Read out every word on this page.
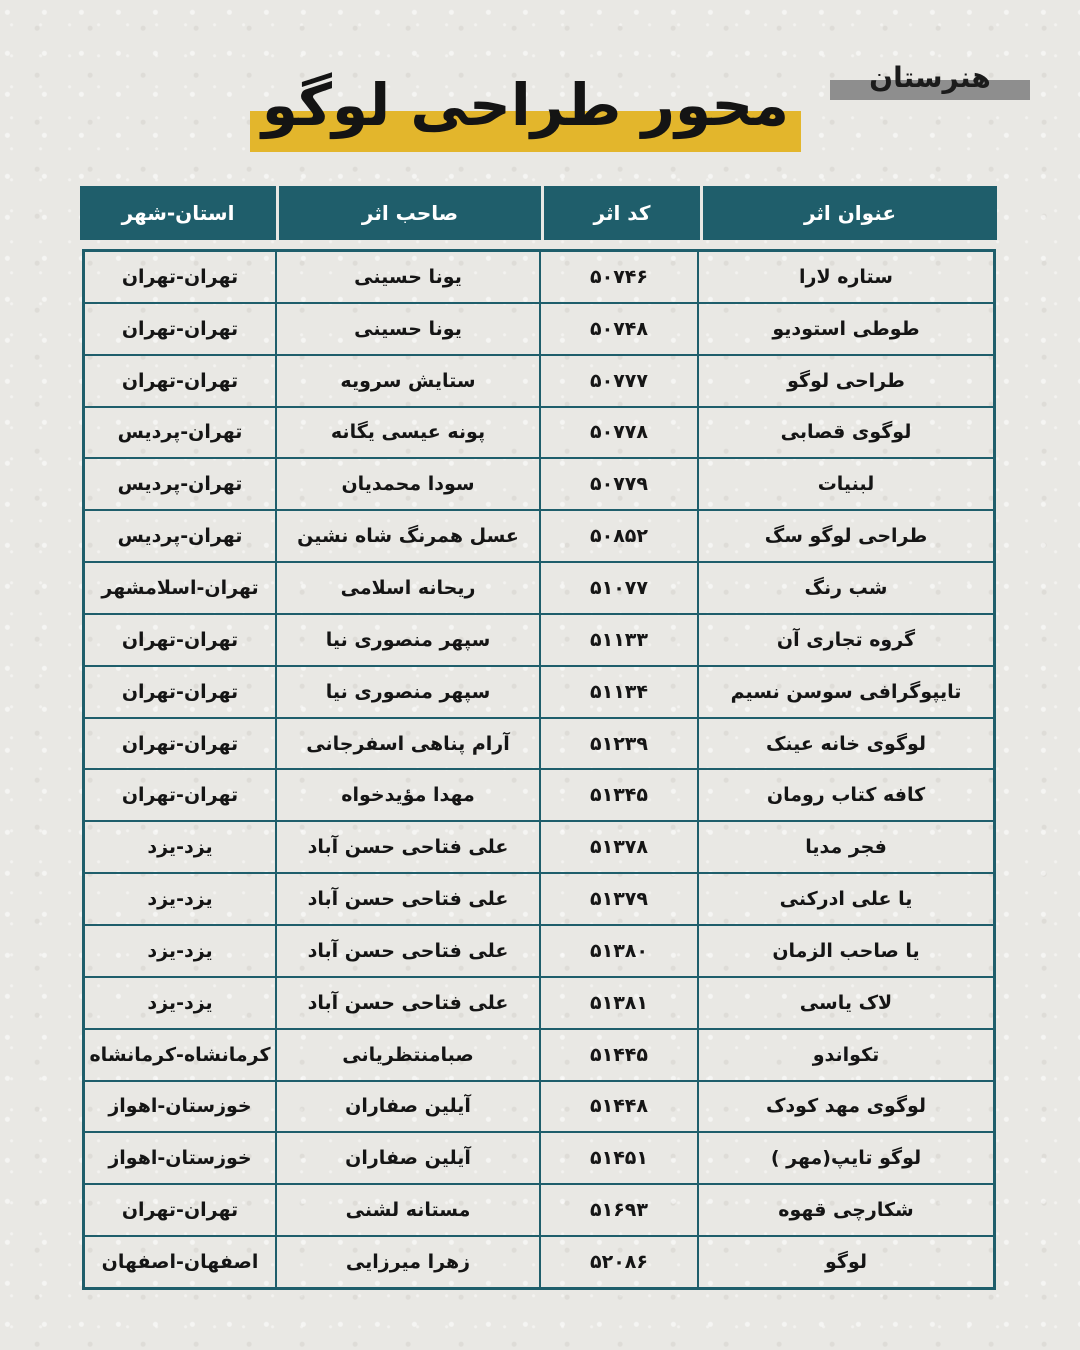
هنرستان
محور طراحی لوگو
عنوان اثر
کد اثر
صاحب اثر
استان-شهر
ستاره لارا
۵۰۷۴۶
یونا حسینی
تهران-تهران
طوطی استودیو
۵۰۷۴۸
یونا حسینی
تهران-تهران
طراحی لوگو
۵۰۷۷۷
ستایش سرویه
تهران-تهران
لوگوی قصابی
۵۰۷۷۸
پونه عیسی یگانه
تهران-پردیس
لبنیات
۵۰۷۷۹
سودا محمدیان
تهران-پردیس
طراحی لوگو سگ
۵۰۸۵۲
عسل همرنگ شاه نشین
تهران-پردیس
شب رنگ
۵۱۰۷۷
ریحانه اسلامی
تهران-اسلامشهر
گروه تجاری آن
۵۱۱۳۳
سپهر منصوری نیا
تهران-تهران
تایپوگرافی سوسن نسیم
۵۱۱۳۴
سپهر منصوری نیا
تهران-تهران
لوگوی خانه عینک
۵۱۲۳۹
آرام پناهی اسفرجانی
تهران-تهران
کافه کتاب رومان
۵۱۳۴۵
مهدا مؤیدخواه
تهران-تهران
فجر مدیا
۵۱۳۷۸
علی فتاحی حسن آباد
یزد-یزد
یا علی ادرکنی
۵۱۳۷۹
علی فتاحی حسن آباد
یزد-یزد
یا صاحب الزمان
۵۱۳۸۰
علی فتاحی حسن آباد
یزد-یزد
لاک یاسی
۵۱۳۸۱
علی فتاحی حسن آباد
یزد-یزد
تکواندو
۵۱۴۴۵
صبامنتظریانی
کرمانشاه-کرمانشاه
لوگوی مهد کودک
۵۱۴۴۸
آیلین صفاران
خوزستان-اهواز
لوگو تایپ(مهر )
۵۱۴۵۱
آیلین صفاران
خوزستان-اهواز
شکارچی قهوه
۵۱۶۹۳
مستانه لشنی
تهران-تهران
لوگو
۵۲۰۸۶
زهرا میرزایی
اصفهان-اصفهان
